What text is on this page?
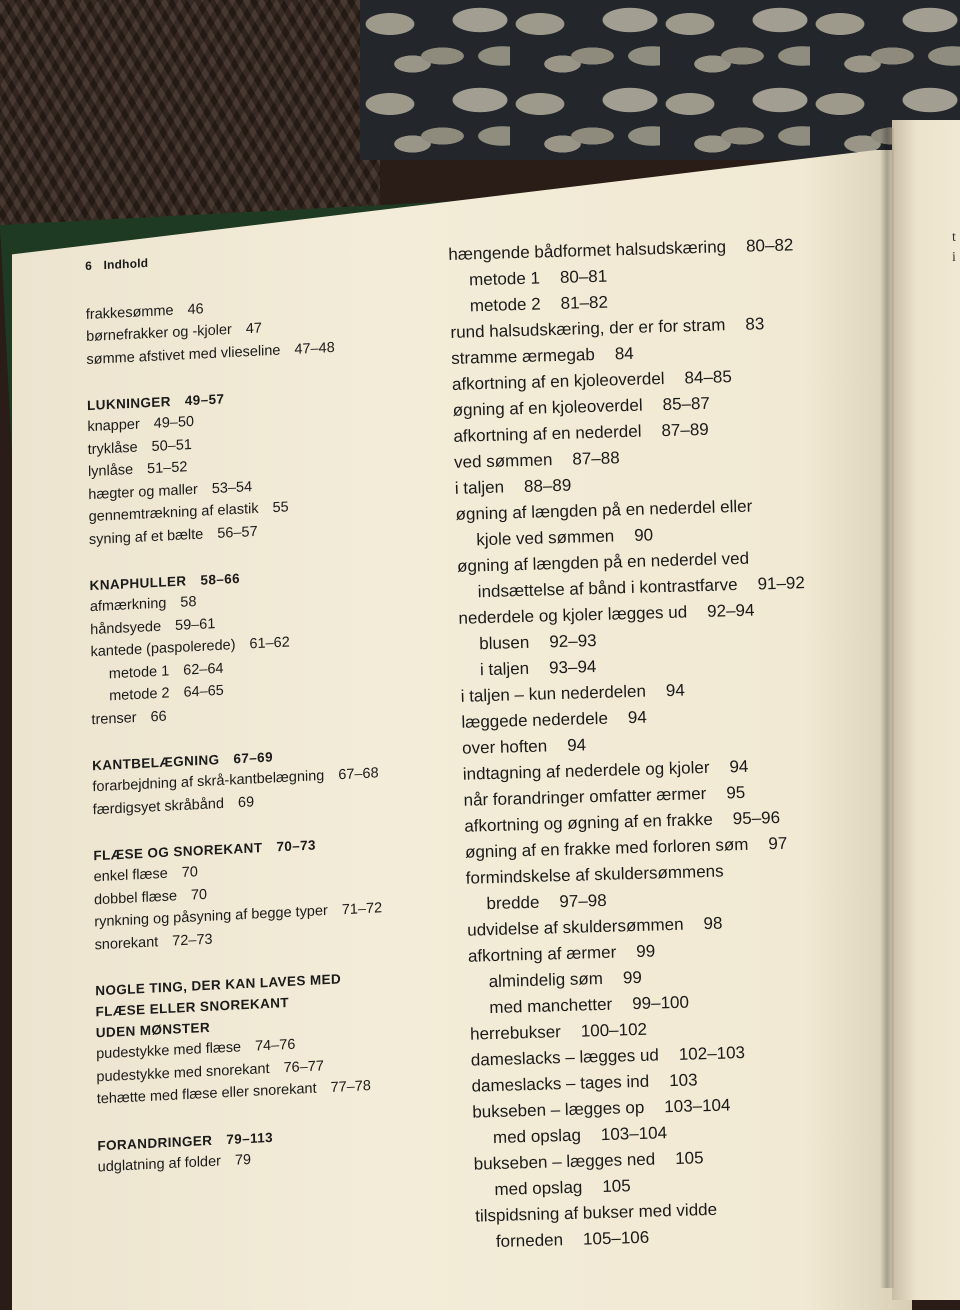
t
i
6 Indhold
frakkesømme 46
børnefrakker og -kjoler 47
sømme afstivet med vlieseline 47–48
LUKNINGER 49–57
knapper 49–50
tryklåse 50–51
lynlåse 51–52
hægter og maller 53–54
gennemtrækning af elastik 55
syning af et bælte 56–57
KNAPHULLER 58–66
afmærkning 58
håndsyede 59–61
kantede (paspolerede) 61–62
metode 1 62–64
metode 2 64–65
trenser 66
KANTBELÆGNING 67–69
forarbejdning af skrå-kantbelægning 67–68
færdigsyet skråbånd 69
FLÆSE OG SNOREKANT 70–73
enkel flæse 70
dobbel flæse 70
rynkning og påsyning af begge typer 71–72
snorekant 72–73
NOGLE TING, DER KAN LAVES MED
FLÆSE ELLER SNOREKANT
UDEN MØNSTER
pudestykke med flæse 74–76
pudestykke med snorekant 76–77
tehætte med flæse eller snorekant 77–78
FORANDRINGER 79–113
udglatning af folder 79
hængende bådformet halsudskæring 80–82
metode 1 80–81
metode 2 81–82
rund halsudskæring, der er for stram 83
stramme ærmegab 84
afkortning af en kjoleoverdel 84–85
øgning af en kjoleoverdel 85–87
afkortning af en nederdel 87–89
ved sømmen 87–88
i taljen 88–89
øgning af længden på en nederdel eller
kjole ved sømmen 90
øgning af længden på en nederdel ved
indsættelse af bånd i kontrastfarve 91–92
nederdele og kjoler lægges ud 92–94
blusen 92–93
i taljen 93–94
i taljen – kun nederdelen 94
læggede nederdele 94
over hoften 94
indtagning af nederdele og kjoler 94
når forandringer omfatter ærmer 95
afkortning og øgning af en frakke 95–96
øgning af en frakke med forloren søm 97
formindskelse af skuldersømmens
bredde 97–98
udvidelse af skuldersømmen 98
afkortning af ærmer 99
almindelig søm 99
med manchetter 99–100
herrebukser 100–102
dameslacks – lægges ud 102–103
dameslacks – tages ind 103
bukseben – lægges op 103–104
med opslag 103–104
bukseben – lægges ned 105
med opslag 105
tilspidsning af bukser med vidde
forneden 105–106
